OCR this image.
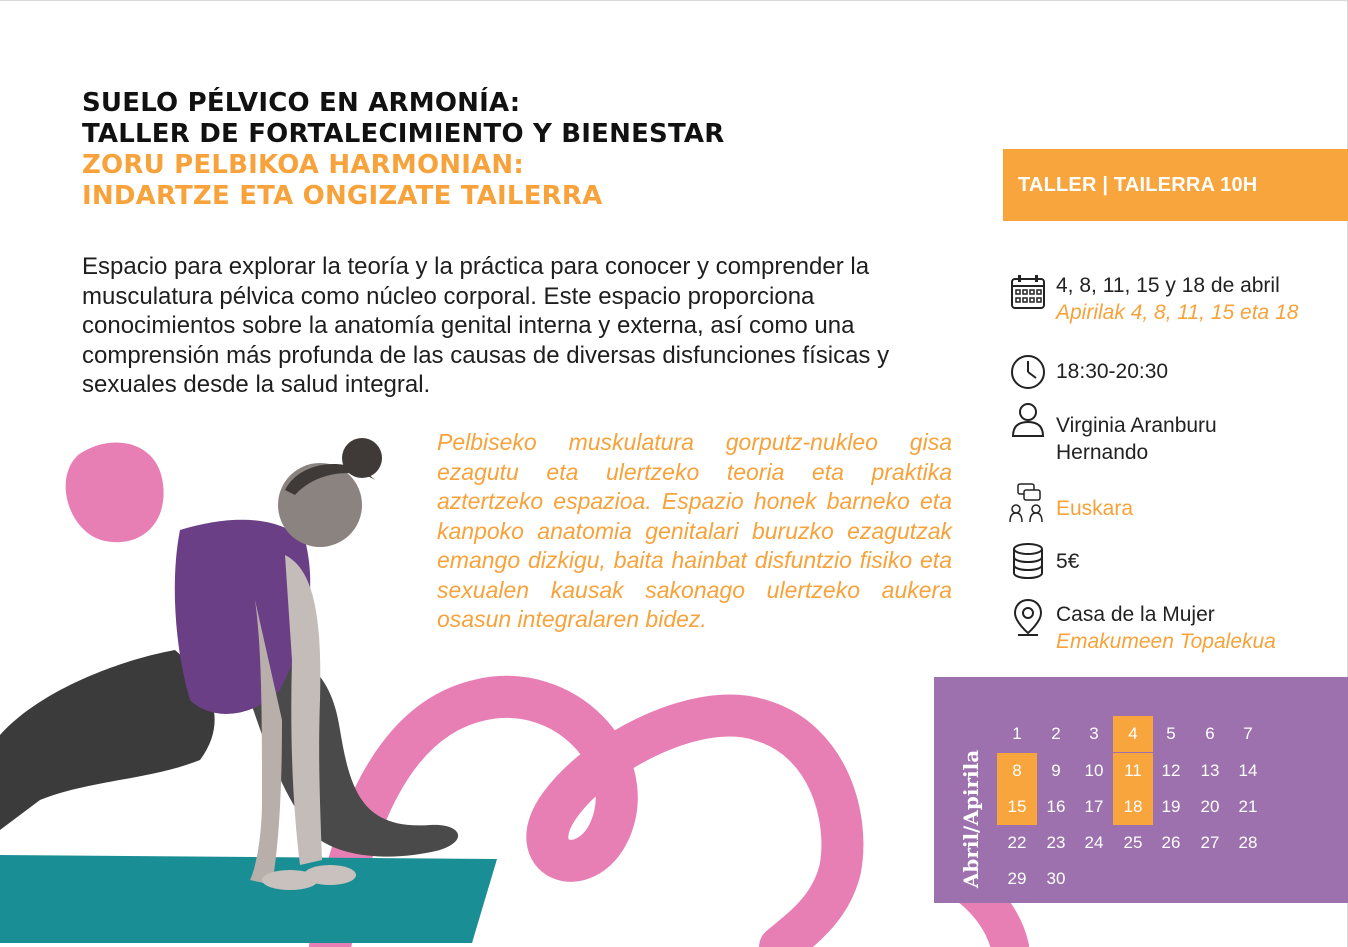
SUELO PÉLVICO EN ARMONÍA:
TALLER DE FORTALECIMIENTO Y BIENESTAR
ZORU PELBIKOA HARMONIAN:
INDARTZE ETA ONGIZATE TAILERRA

Espacio para explorar la teoría y la práctica para conocer y comprender la musculatura pélvica como núcleo corporal. Este espacio proporciona conocimientos sobre la anatomía genital interna y externa, así como una comprensión más profunda de las causas de diversas disfunciones físicas y sexuales desde la salud integral.

Pelbiseko muskulatura gorputz-nukleo gisa ezagutu eta ulertzeko teoria eta praktika aztertzeko espazioa. Espazio honek barneko eta kanpoko anatomia genitalari buruzko ezagutzak emango dizkigu, baita hainbat disfuntzio fisiko eta sexualen kausak sakonago ulertzeko aukera osasun integralaren bidez.

TALLER | TAILERRA 10H
4, 8, 11, 15 y 18 de abril
Apirilak 4, 8, 11, 15 eta 18
18:30-20:30
Virginia Aranburu
Hernando
Euskara
5€
Casa de la Mujer
Emakumeen Topalekua
Abril/Apirila
1	2	3	4	5	6	7
8	9	10	11	12	13	14
15	16	17	18	19	20	21
22	23	24	25	26	27	28
29	30
